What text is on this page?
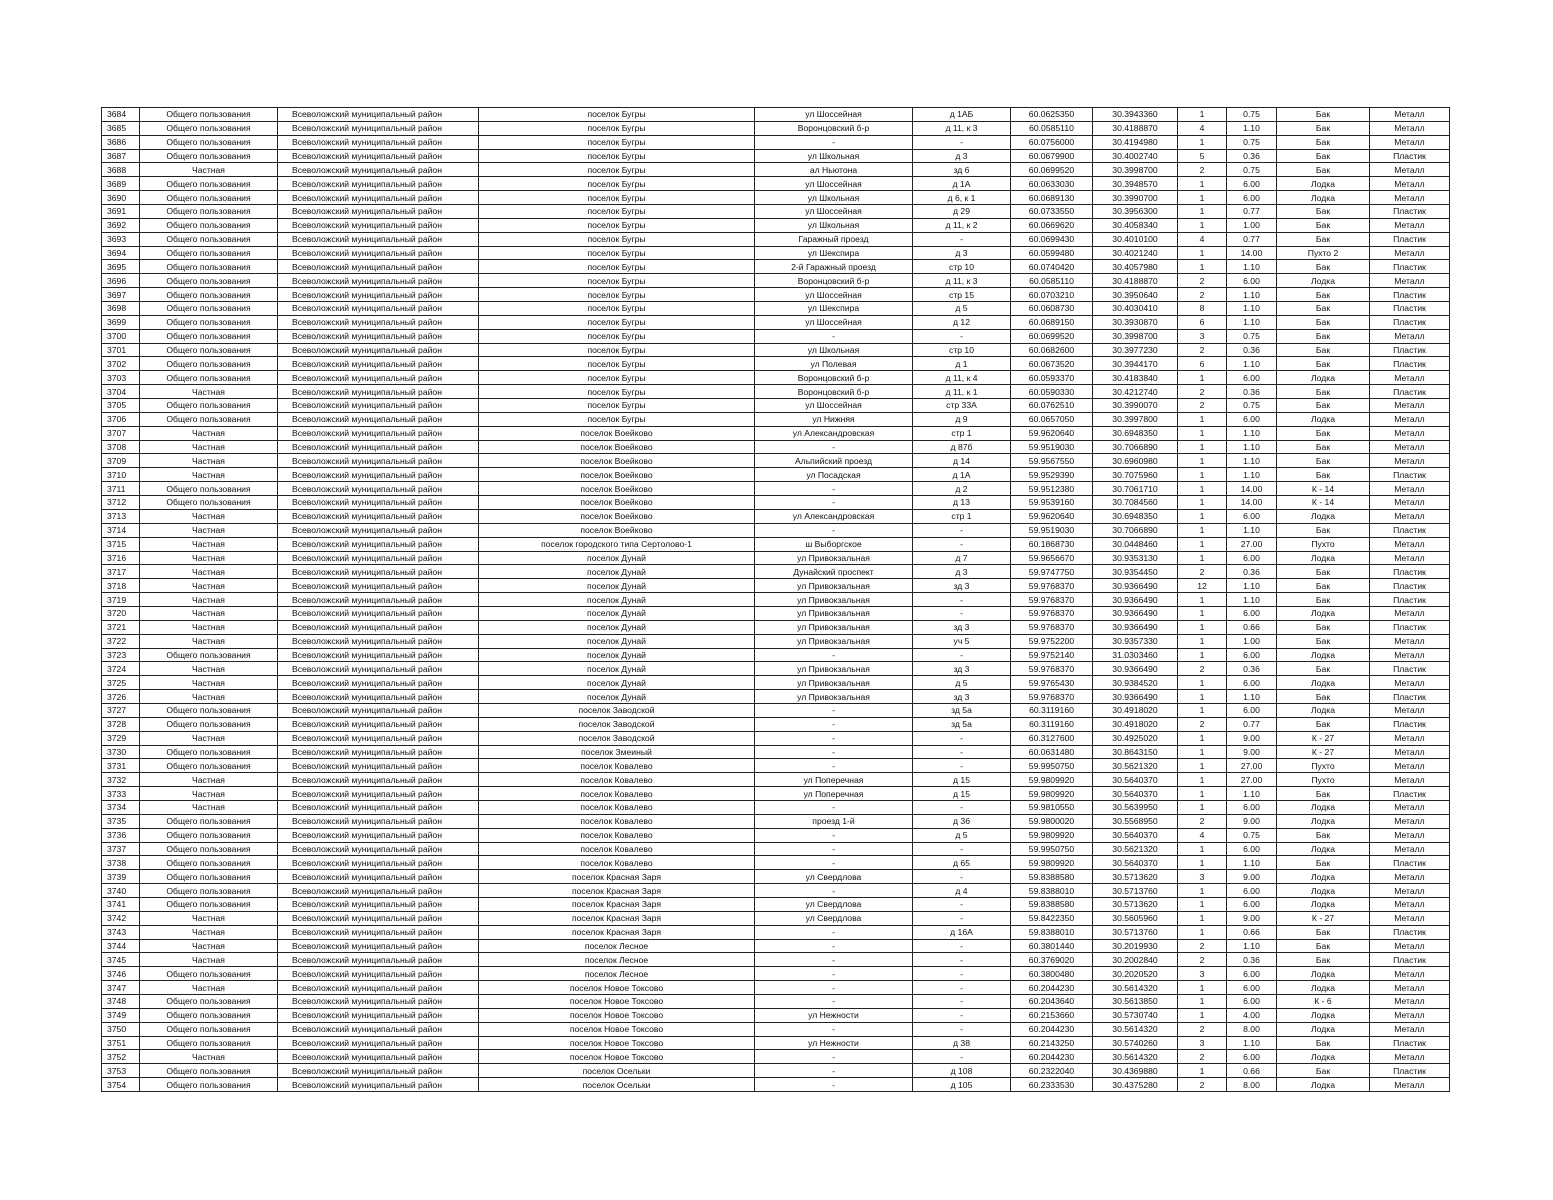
3684	Общего пользования	Всеволожский муниципальный район	поселок Бугры	ул Шоссейная	д 1АБ	60.0625350	30.3943360	1	0.75	Бак	Металл
3685	Общего пользования	Всеволожский муниципальный район	поселок Бугры	Воронцовский б-р	д 11, к 3	60.0585110	30.4188870	4	1.10	Бак	Металл
3686	Общего пользования	Всеволожский муниципальный район	поселок Бугры	-	-	60.0756000	30.4194980	1	0.75	Бак	Металл
3687	Общего пользования	Всеволожский муниципальный район	поселок Бугры	ул Школьная	д 3	60.0679900	30.4002740	5	0.36	Бак	Пластик
3688	Частная	Всеволожский муниципальный район	поселок Бугры	ал Ньютона	зд 6	60.0699520	30.3998700	2	0.75	Бак	Металл
3689	Общего пользования	Всеволожский муниципальный район	поселок Бугры	ул Шоссейная	д 1А	60.0633030	30.3948570	1	6.00	Лодка	Металл
3690	Общего пользования	Всеволожский муниципальный район	поселок Бугры	ул Школьная	д 6, к 1	60.0689130	30.3990700	1	6.00	Лодка	Металл
3691	Общего пользования	Всеволожский муниципальный район	поселок Бугры	ул Шоссейная	д 29	60.0733550	30.3956300	1	0.77	Бак	Пластик
3692	Общего пользования	Всеволожский муниципальный район	поселок Бугры	ул Школьная	д 11, к 2	60.0669620	30.4058340	1	1.00	Бак	Металл
3693	Общего пользования	Всеволожский муниципальный район	поселок Бугры	Гаражный проезд	-	60.0699430	30.4010100	4	0.77	Бак	Пластик
3694	Общего пользования	Всеволожский муниципальный район	поселок Бугры	ул Шекспира	д 3	60.0599480	30.4021240	1	14.00	Пухто 2	Металл
3695	Общего пользования	Всеволожский муниципальный район	поселок Бугры	2-й Гаражный проезд	стр 10	60.0740420	30.4057980	1	1.10	Бак	Пластик
3696	Общего пользования	Всеволожский муниципальный район	поселок Бугры	Воронцовский б-р	д 11, к 3	60.0585110	30.4188870	2	6.00	Лодка	Металл
3697	Общего пользования	Всеволожский муниципальный район	поселок Бугры	ул Шоссейная	стр 15	60.0703210	30.3950640	2	1.10	Бак	Пластик
3698	Общего пользования	Всеволожский муниципальный район	поселок Бугры	ул Шекспира	д 5	60.0608730	30.4030410	8	1.10	Бак	Пластик
3699	Общего пользования	Всеволожский муниципальный район	поселок Бугры	ул Шоссейная	д 12	60.0689150	30.3930870	6	1.10	Бак	Пластик
3700	Общего пользования	Всеволожский муниципальный район	поселок Бугры	-	-	60.0699520	30.3998700	3	0.75	Бак	Металл
3701	Общего пользования	Всеволожский муниципальный район	поселок Бугры	ул Школьная	стр 10	60.0682600	30.3977230	2	0.36	Бак	Пластик
3702	Общего пользования	Всеволожский муниципальный район	поселок Бугры	ул Полевая	д 1	60.0673520	30.3944170	6	1.10	Бак	Пластик
3703	Общего пользования	Всеволожский муниципальный район	поселок Бугры	Воронцовский б-р	д 11, к 4	60.0593370	30.4183840	1	6.00	Лодка	Металл
3704	Частная	Всеволожский муниципальный район	поселок Бугры	Воронцовский б-р	д 11, к 1	60.0590330	30.4212740	2	0.36	Бак	Пластик
3705	Общего пользования	Всеволожский муниципальный район	поселок Бугры	ул Шоссейная	стр 33А	60.0762510	30.3990070	2	0.75	Бак	Металл
3706	Общего пользования	Всеволожский муниципальный район	поселок Бугры	ул Нижняя	д 9	60.0657050	30.3997800	1	6.00	Лодка	Металл
3707	Частная	Всеволожский муниципальный район	поселок Воейково	ул Александровская	стр 1	59.9620640	30.6948350	1	1.10	Бак	Металл
3708	Частная	Всеволожский муниципальный район	поселок Воейково	-	д 87б	59.9519030	30.7066890	1	1.10	Бак	Металл
3709	Частная	Всеволожский муниципальный район	поселок Воейково	Альпийский проезд	д 14	59.9567550	30.6960980	1	1.10	Бак	Металл
3710	Частная	Всеволожский муниципальный район	поселок Воейково	ул Посадская	д 1А	59.9529390	30.7075960	1	1.10	Бак	Пластик
3711	Общего пользования	Всеволожский муниципальный район	поселок Воейково	-	д 2	59.9512380	30.7061710	1	14.00	К - 14	Металл
3712	Общего пользования	Всеволожский муниципальный район	поселок Воейково	-	д 13	59.9539160	30.7084560	1	14.00	К - 14	Металл
3713	Частная	Всеволожский муниципальный район	поселок Воейково	ул Александровская	стр 1	59.9620640	30.6948350	1	6.00	Лодка	Металл
3714	Частная	Всеволожский муниципальный район	поселок Воейково	-	-	59.9519030	30.7066890	1	1.10	Бак	Пластик
3715	Частная	Всеволожский муниципальный район	поселок городского типа Сертолово-1	ш Выборгское	-	60.1868730	30.0448460	1	27.00	Пухто	Металл
3716	Частная	Всеволожский муниципальный район	поселок Дунай	ул Привокзальная	д 7	59.9656670	30.9353130	1	6.00	Лодка	Металл
3717	Частная	Всеволожский муниципальный район	поселок Дунай	Дунайский проспект	д 3	59.9747750	30.9354450	2	0.36	Бак	Пластик
3718	Частная	Всеволожский муниципальный район	поселок Дунай	ул Привокзальная	зд 3	59.9768370	30.9366490	12	1.10	Бак	Пластик
3719	Частная	Всеволожский муниципальный район	поселок Дунай	ул Привокзальная	-	59.9768370	30.9366490	1	1.10	Бак	Пластик
3720	Частная	Всеволожский муниципальный район	поселок Дунай	ул Привокзальная	-	59.9768370	30.9366490	1	6.00	Лодка	Металл
3721	Частная	Всеволожский муниципальный район	поселок Дунай	ул Привокзальная	зд 3	59.9768370	30.9366490	1	0.66	Бак	Пластик
3722	Частная	Всеволожский муниципальный район	поселок Дунай	ул Привокзальная	уч 5	59.9752200	30.9357330	1	1.00	Бак	Металл
3723	Общего пользования	Всеволожский муниципальный район	поселок Дунай	-	-	59.9752140	31.0303460	1	6.00	Лодка	Металл
3724	Частная	Всеволожский муниципальный район	поселок Дунай	ул Привокзальная	зд 3	59.9768370	30.9366490	2	0.36	Бак	Пластик
3725	Частная	Всеволожский муниципальный район	поселок Дунай	ул Привокзальная	д 5	59.9765430	30.9384520	1	6.00	Лодка	Металл
3726	Частная	Всеволожский муниципальный район	поселок Дунай	ул Привокзальная	зд 3	59.9768370	30.9366490	1	1.10	Бак	Пластик
3727	Общего пользования	Всеволожский муниципальный район	поселок Заводской	-	зд 5а	60.3119160	30.4918020	1	6.00	Лодка	Металл
3728	Общего пользования	Всеволожский муниципальный район	поселок Заводской	-	зд 5а	60.3119160	30.4918020	2	0.77	Бак	Пластик
3729	Частная	Всеволожский муниципальный район	поселок Заводской	-	-	60.3127600	30.4925020	1	9.00	К - 27	Металл
3730	Общего пользования	Всеволожский муниципальный район	поселок Змеиный	-	-	60.0631480	30.8643150	1	9.00	К - 27	Металл
3731	Общего пользования	Всеволожский муниципальный район	поселок Ковалево	-	-	59.9950750	30.5621320	1	27.00	Пухто	Металл
3732	Частная	Всеволожский муниципальный район	поселок Ковалево	ул Поперечная	д 15	59.9809920	30.5640370	1	27.00	Пухто	Металл
3733	Частная	Всеволожский муниципальный район	поселок Ковалево	ул Поперечная	д 15	59.9809920	30.5640370	1	1.10	Бак	Пластик
3734	Частная	Всеволожский муниципальный район	поселок Ковалево	-	-	59.9810550	30.5639950	1	6.00	Лодка	Металл
3735	Общего пользования	Всеволожский муниципальный район	поселок Ковалево	проезд 1-й	д 36	59.9800020	30.5568950	2	9.00	Лодка	Металл
3736	Общего пользования	Всеволожский муниципальный район	поселок Ковалево	-	д 5	59.9809920	30.5640370	4	0.75	Бак	Металл
3737	Общего пользования	Всеволожский муниципальный район	поселок Ковалево	-	-	59.9950750	30.5621320	1	6.00	Лодка	Металл
3738	Общего пользования	Всеволожский муниципальный район	поселок Ковалево	-	д 65	59.9809920	30.5640370	1	1.10	Бак	Пластик
3739	Общего пользования	Всеволожский муниципальный район	поселок Красная Заря	ул Свердлова	-	59.8388580	30.5713620	3	9.00	Лодка	Металл
3740	Общего пользования	Всеволожский муниципальный район	поселок Красная Заря	-	д 4	59.8388010	30.5713760	1	6.00	Лодка	Металл
3741	Общего пользования	Всеволожский муниципальный район	поселок Красная Заря	ул Свердлова	-	59.8388580	30.5713620	1	6.00	Лодка	Металл
3742	Частная	Всеволожский муниципальный район	поселок Красная Заря	ул Свердлова	-	59.8422350	30.5605960	1	9.00	К - 27	Металл
3743	Частная	Всеволожский муниципальный район	поселок Красная Заря	-	д 16А	59.8388010	30.5713760	1	0.66	Бак	Пластик
3744	Частная	Всеволожский муниципальный район	поселок Лесное	-	-	60.3801440	30.2019930	2	1.10	Бак	Металл
3745	Частная	Всеволожский муниципальный район	поселок Лесное	-	-	60.3769020	30.2002840	2	0.36	Бак	Пластик
3746	Общего пользования	Всеволожский муниципальный район	поселок Лесное	-	-	60.3800480	30.2020520	3	6.00	Лодка	Металл
3747	Частная	Всеволожский муниципальный район	поселок Новое Токсово	-	-	60.2044230	30.5614320	1	6.00	Лодка	Металл
3748	Общего пользования	Всеволожский муниципальный район	поселок Новое Токсово	-	-	60.2043640	30.5613850	1	6.00	К - 6	Металл
3749	Общего пользования	Всеволожский муниципальный район	поселок Новое Токсово	ул Нежности	-	60.2153660	30.5730740	1	4.00	Лодка	Металл
3750	Общего пользования	Всеволожский муниципальный район	поселок Новое Токсово	-	-	60.2044230	30.5614320	2	8.00	Лодка	Металл
3751	Общего пользования	Всеволожский муниципальный район	поселок Новое Токсово	ул Нежности	д 38	60.2143250	30.5740260	3	1.10	Бак	Пластик
3752	Частная	Всеволожский муниципальный район	поселок Новое Токсово	-	-	60.2044230	30.5614320	2	6.00	Лодка	Металл
3753	Общего пользования	Всеволожский муниципальный район	поселок Осельки	-	д 108	60.2322040	30.4369880	1	0.66	Бак	Пластик
3754	Общего пользования	Всеволожский муниципальный район	поселок Осельки	-	д 105	60.2333530	30.4375280	2	8.00	Лодка	Металл
